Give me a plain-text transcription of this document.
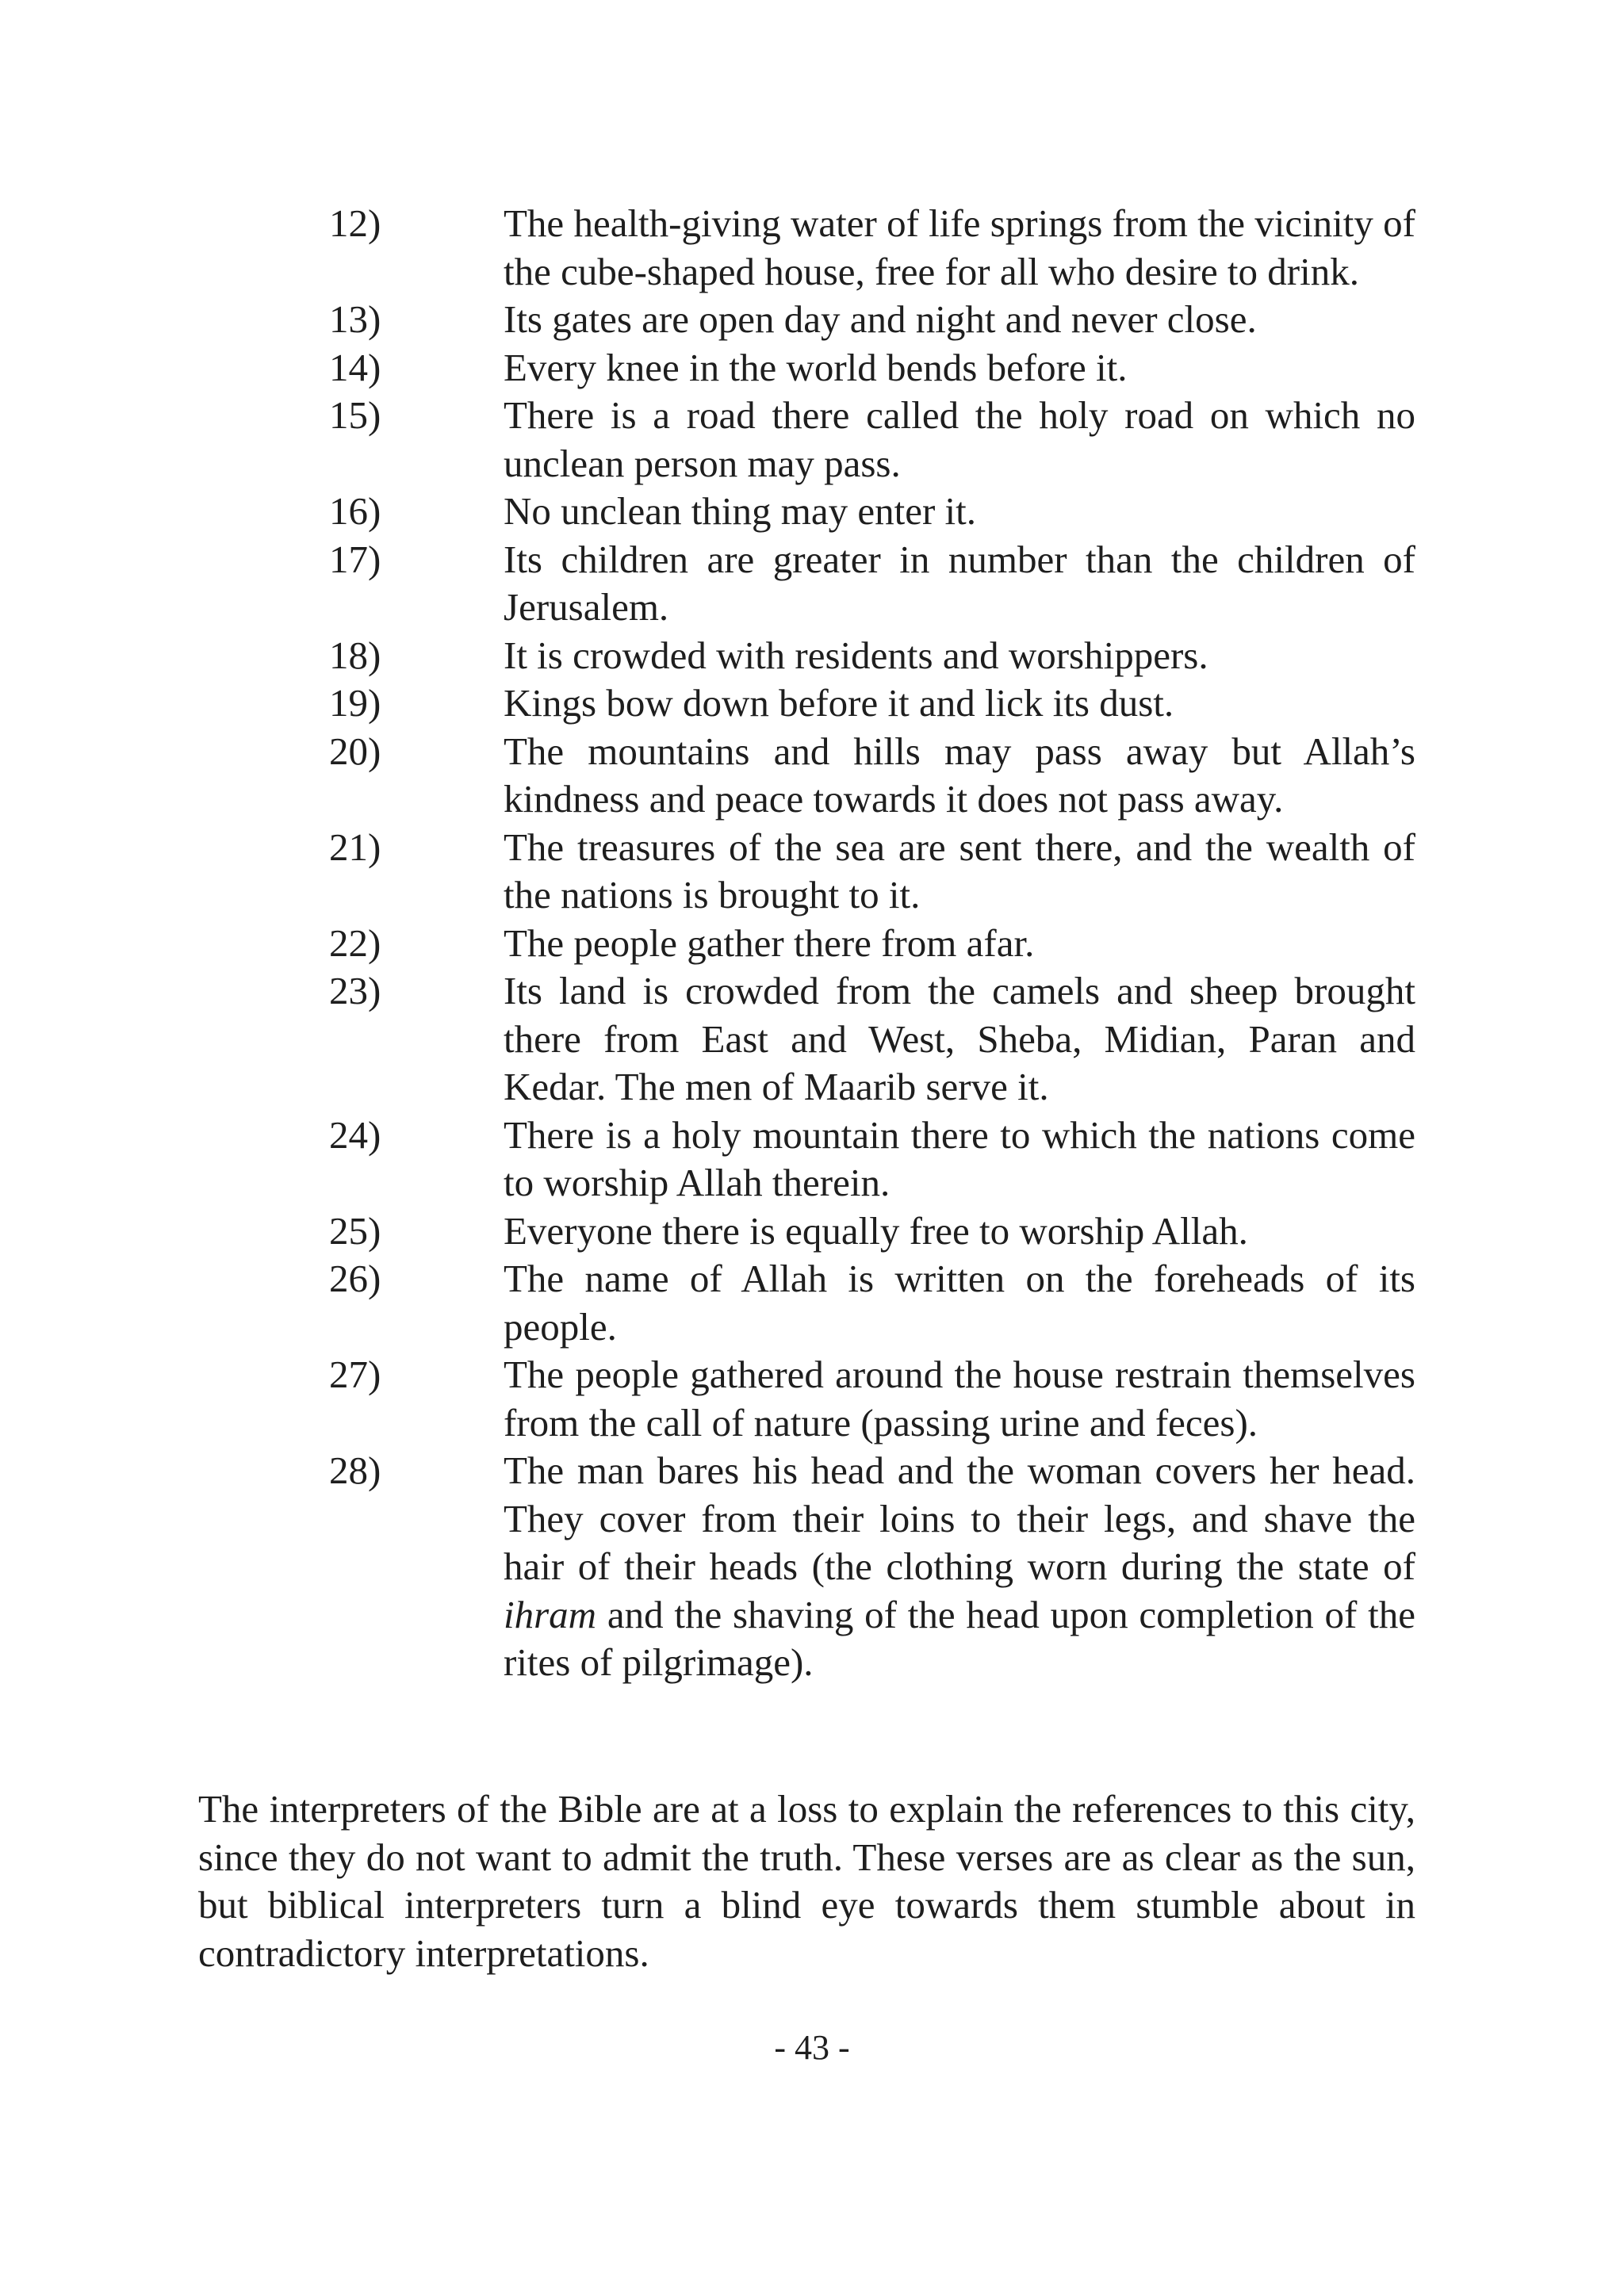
12)	The health-giving water of life springs from the vicinity of the cube-shaped house, free for all who desire to drink.
13)	Its gates are open day and night and never close.
14)	Every knee in the world bends before it.
15)	There is a road there called the holy road on which no unclean person may pass.
16)	No unclean thing may enter it.
17)	Its children are greater in number than the children of Jerusalem.
18)	It is crowded with residents and worshippers.
19)	Kings bow down before it and lick its dust.
20)	The mountains and hills may pass away but Allah’s kindness and peace towards it does not pass away.
21)	The treasures of the sea are sent there, and the wealth of the nations is brought to it.
22)	The people gather there from afar.
23)	Its land is crowded from the camels and sheep brought there from East and West, Sheba, Midian, Paran and Kedar. The men of Maarib serve it.
24)	There is a holy mountain there to which the nations come to worship Allah therein.
25)	Everyone there is equally free to worship Allah.
26)	The name of Allah is written on the foreheads of its people.
27)	The people gathered around the house restrain themselves from the call of nature (passing urine and feces).
28)	The man bares his head and the woman covers her head. They cover from their loins to their legs, and shave the hair of their heads (the clothing worn during the state of ihram and the shaving of the head upon completion of the rites of pilgrimage).

The interpreters of the Bible are at a loss to explain the references to this city, since they do not want to admit the truth. These verses are as clear as the sun, but biblical interpreters turn a blind eye towards them stumble about in contradictory interpretations.

- 43 -
